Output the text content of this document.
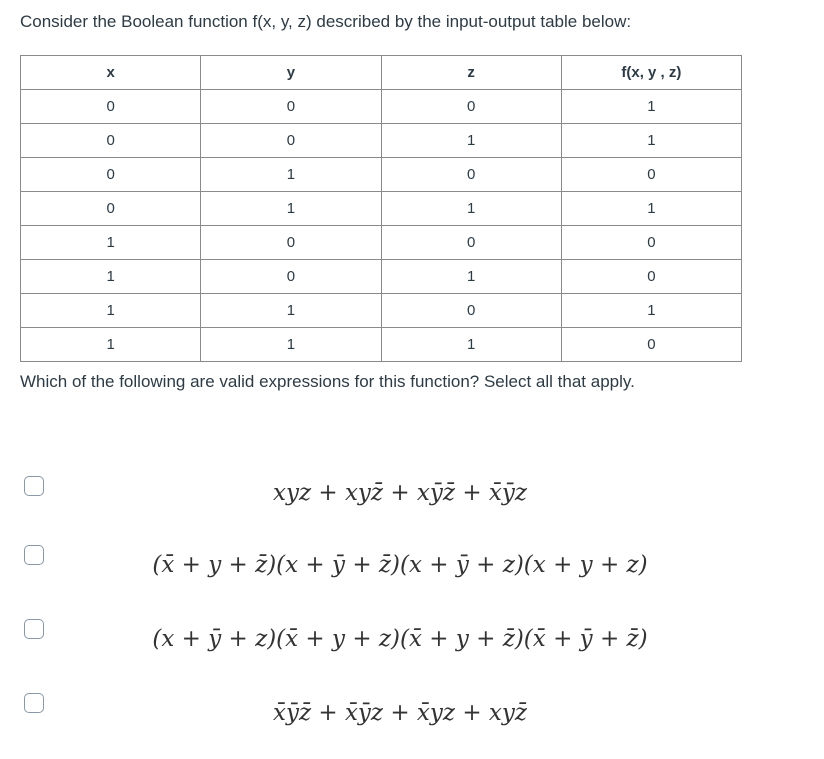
Consider the Boolean function f(x, y, z) described by the input-output table below:
x	y	z	f(x, y , z)
0	0	0	1
0	0	1	1
0	1	0	0
0	1	1	1
1	0	0	0
1	0	1	0
1	1	0	1
1	1	1	0
Which of the following are valid expressions for this function? Select all that apply.
xyz + xyz̄ + xȳz̄ + x̄ȳz
(x̄ + y + z̄)(x + ȳ + z̄)(x + ȳ + z)(x + y + z)
(x + ȳ + z)(x̄ + y + z)(x̄ + y + z̄)(x̄ + ȳ + z̄)
x̄ȳz̄ + x̄ȳz + x̄yz + xyz̄
